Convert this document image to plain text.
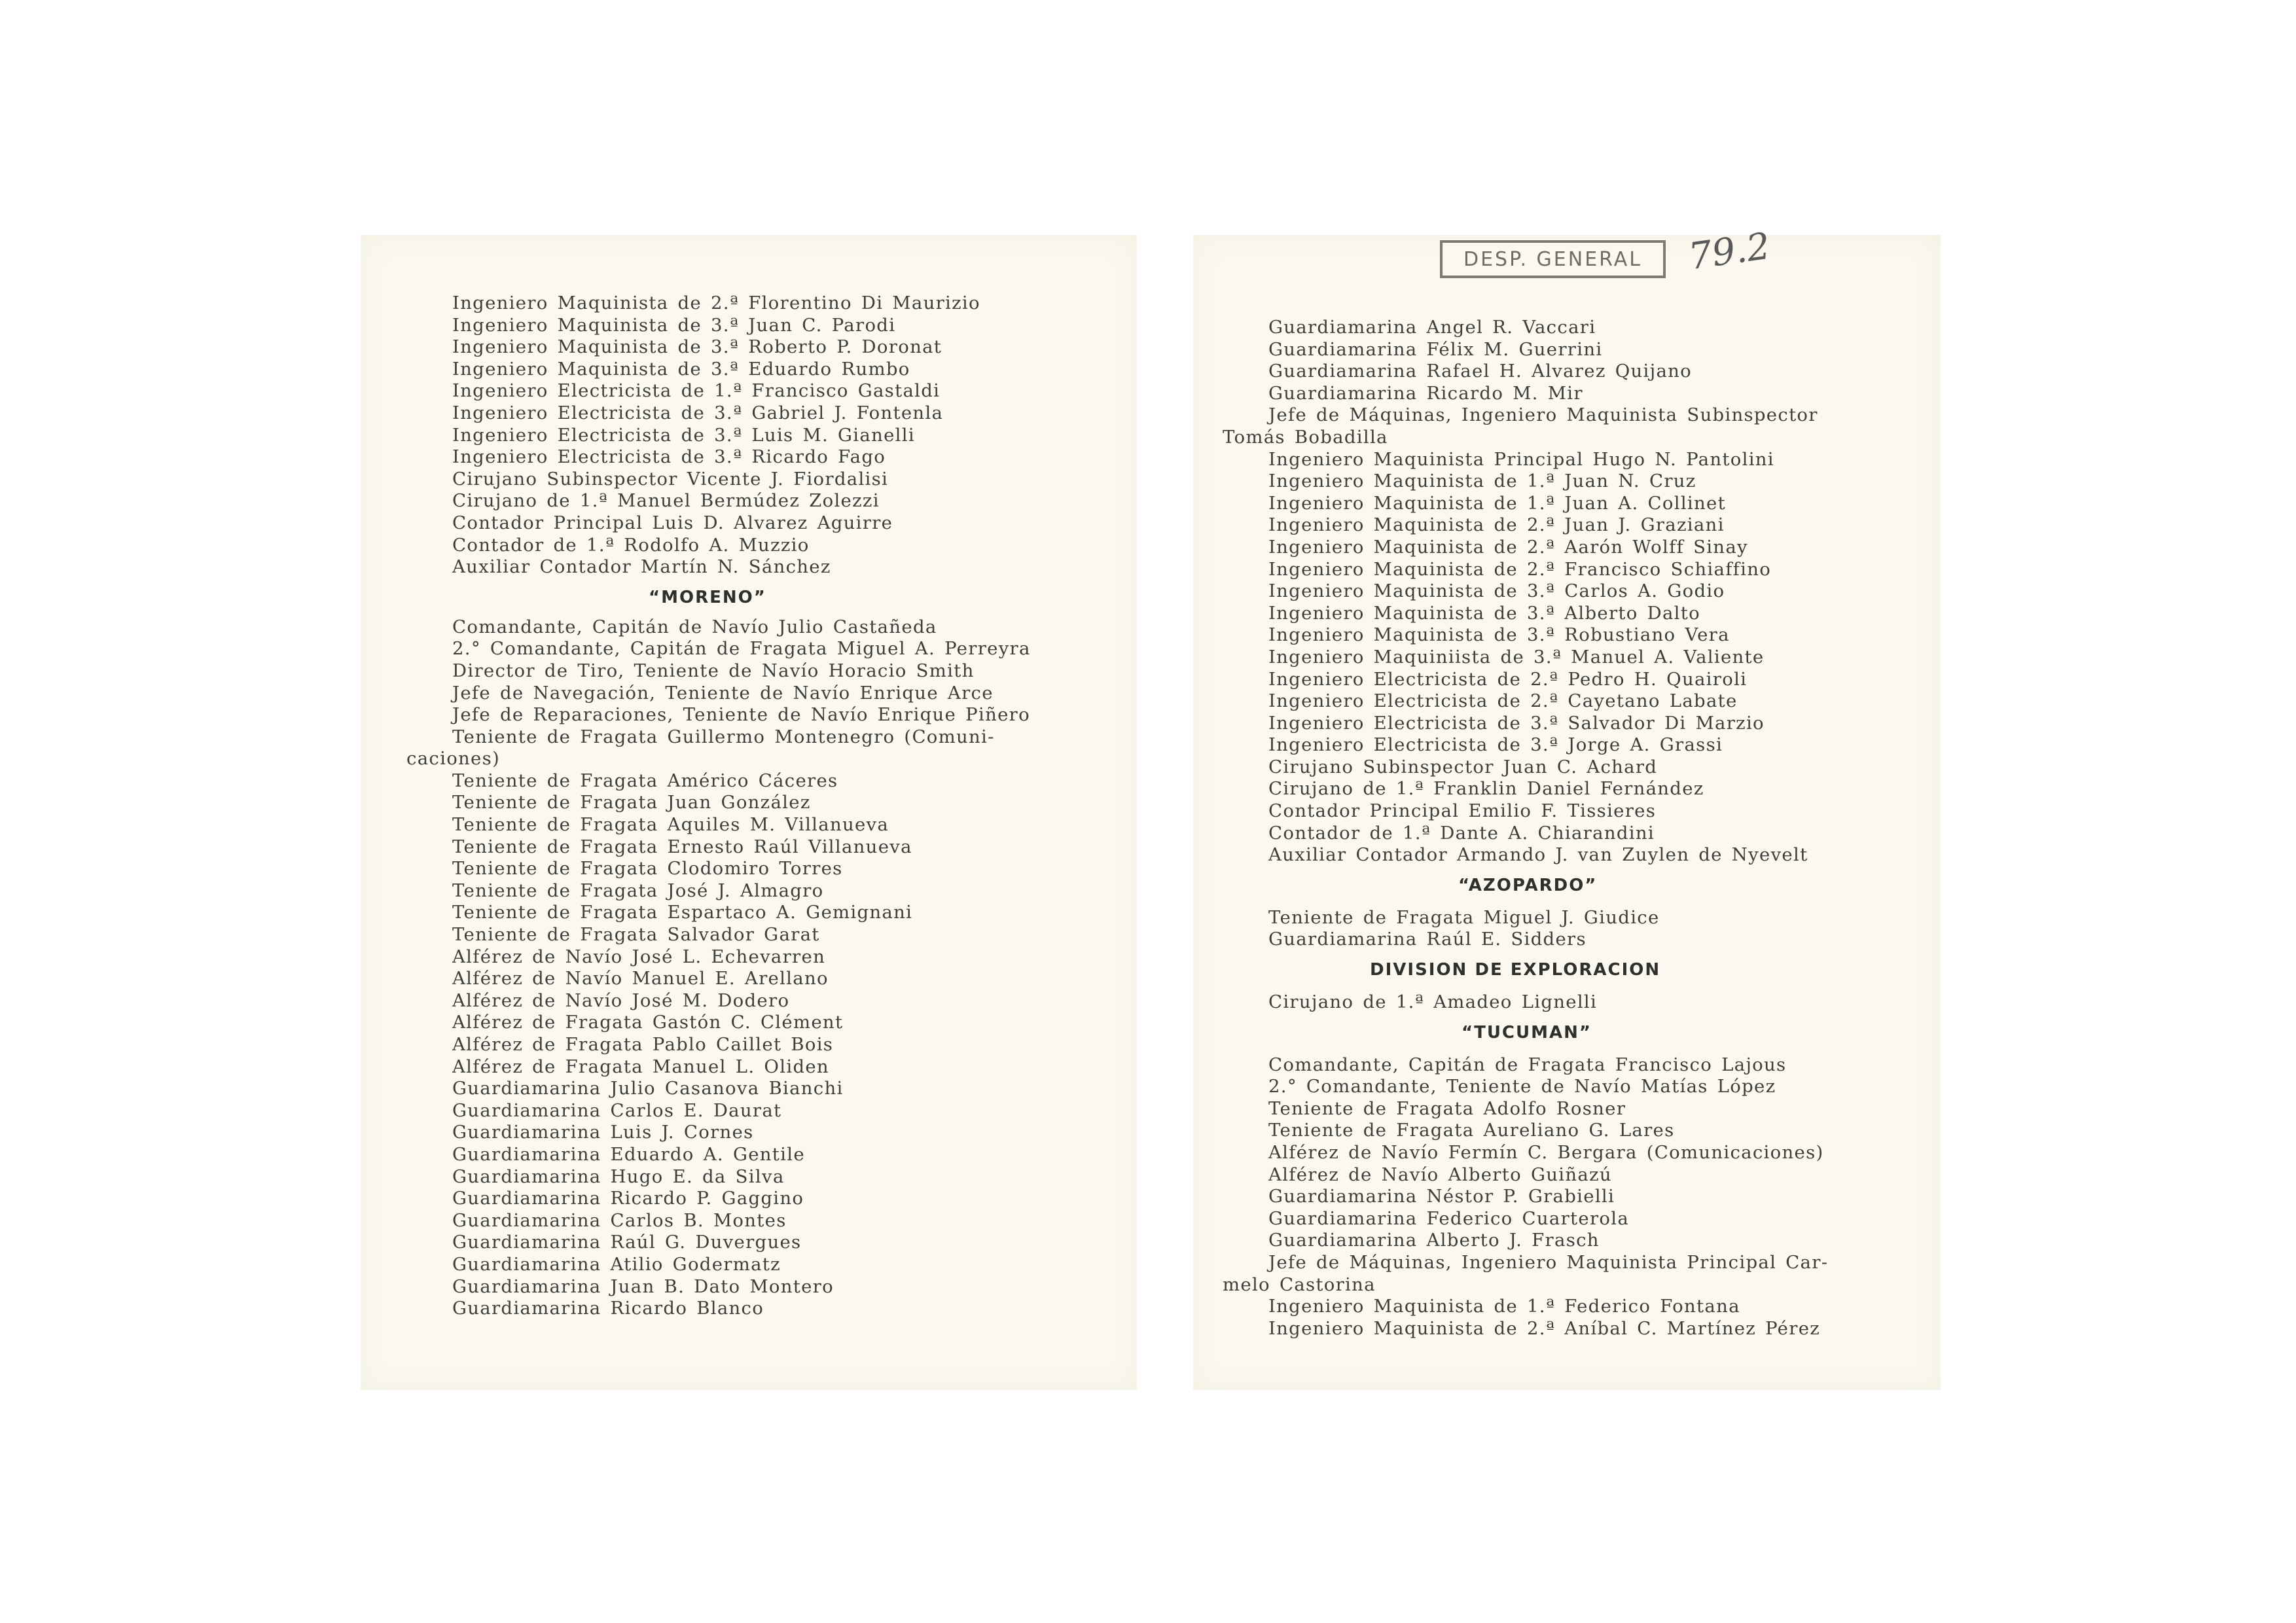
Ingeniero Maquinista de 2.ª Florentino Di Maurizio
Ingeniero Maquinista de 3.ª Juan C. Parodi
Ingeniero Maquinista de 3.ª Roberto P. Doronat
Ingeniero Maquinista de 3.ª Eduardo Rumbo
Ingeniero Electricista de 1.ª Francisco Gastaldi
Ingeniero Electricista de 3.ª Gabriel J. Fontenla
Ingeniero Electricista de 3.ª Luis M. Gianelli
Ingeniero Electricista de 3.ª Ricardo Fago
Cirujano Subinspector Vicente J. Fiordalisi
Cirujano de 1.ª Manuel Bermúdez Zolezzi
Contador Principal Luis D. Alvarez Aguirre
Contador de 1.ª Rodolfo A. Muzzio
Auxiliar Contador Martín N. Sánchez
“MORENO”
Comandante, Capitán de Navío Julio Castañeda
2.° Comandante, Capitán de Fragata Miguel A. Perreyra
Director de Tiro, Teniente de Navío Horacio Smith
Jefe de Navegación, Teniente de Navío Enrique Arce
Jefe de Reparaciones, Teniente de Navío Enrique Piñero
Teniente de Fragata Guillermo Montenegro (Comuni-
caciones)
Teniente de Fragata Américo Cáceres
Teniente de Fragata Juan González
Teniente de Fragata Aquiles M. Villanueva
Teniente de Fragata Ernesto Raúl Villanueva
Teniente de Fragata Clodomiro Torres
Teniente de Fragata José J. Almagro
Teniente de Fragata Espartaco A. Gemignani
Teniente de Fragata Salvador Garat
Alférez de Navío José L. Echevarren
Alférez de Navío Manuel E. Arellano
Alférez de Navío José M. Dodero
Alférez de Fragata Gastón C. Clément
Alférez de Fragata Pablo Caillet Bois
Alférez de Fragata Manuel L. Oliden
Guardiamarina Julio Casanova Bianchi
Guardiamarina Carlos E. Daurat
Guardiamarina Luis J. Cornes
Guardiamarina Eduardo A. Gentile
Guardiamarina Hugo E. da Silva
Guardiamarina Ricardo P. Gaggino
Guardiamarina Carlos B. Montes
Guardiamarina Raúl G. Duvergues
Guardiamarina Atilio Godermatz
Guardiamarina Juan B. Dato Montero
Guardiamarina Ricardo Blanco
Guardiamarina Angel R. Vaccari
Guardiamarina Félix M. Guerrini
Guardiamarina Rafael H. Alvarez Quijano
Guardiamarina Ricardo M. Mir
Jefe de Máquinas, Ingeniero Maquinista Subinspector
Tomás Bobadilla
Ingeniero Maquinista Principal Hugo N. Pantolini
Ingeniero Maquinista de 1.ª Juan N. Cruz
Ingeniero Maquinista de 1.ª Juan A. Collinet
Ingeniero Maquinista de 2.ª Juan J. Graziani
Ingeniero Maquinista de 2.ª Aarón Wolff Sinay
Ingeniero Maquinista de 2.ª Francisco Schiaffino
Ingeniero Maquinista de 3.ª Carlos A. Godio
Ingeniero Maquinista de 3.ª Alberto Dalto
Ingeniero Maquinista de 3.ª Robustiano Vera
Ingeniero Maquiniista de 3.ª Manuel A. Valiente
Ingeniero Electricista de 2.ª Pedro H. Quairoli
Ingeniero Electricista de 2.ª Cayetano Labate
Ingeniero Electricista de 3.ª Salvador Di Marzio
Ingeniero Electricista de 3.ª Jorge A. Grassi
Cirujano Subinspector Juan C. Achard
Cirujano de 1.ª Franklin Daniel Fernández
Contador Principal Emilio F. Tissieres
Contador de 1.ª Dante A. Chiarandini
Auxiliar Contador Armando J. van Zuylen de Nyevelt
“AZOPARDO”
Teniente de Fragata Miguel J. Giudice
Guardiamarina Raúl E. Sidders
DIVISION DE EXPLORACION
Cirujano de 1.ª Amadeo Lignelli
“TUCUMAN”
Comandante, Capitán de Fragata Francisco Lajous
2.° Comandante, Teniente de Navío Matías López
Teniente de Fragata Adolfo Rosner
Teniente de Fragata Aureliano G. Lares
Alférez de Navío Fermín C. Bergara (Comunicaciones)
Alférez de Navío Alberto Guiñazú
Guardiamarina Néstor P. Grabielli
Guardiamarina Federico Cuarterola
Guardiamarina Alberto J. Frasch
Jefe de Máquinas, Ingeniero Maquinista Principal Car-
melo Castorina
Ingeniero Maquinista de 1.ª Federico Fontana
Ingeniero Maquinista de 2.ª Aníbal C. Martínez Pérez
DESP. GENERAL	79.2
